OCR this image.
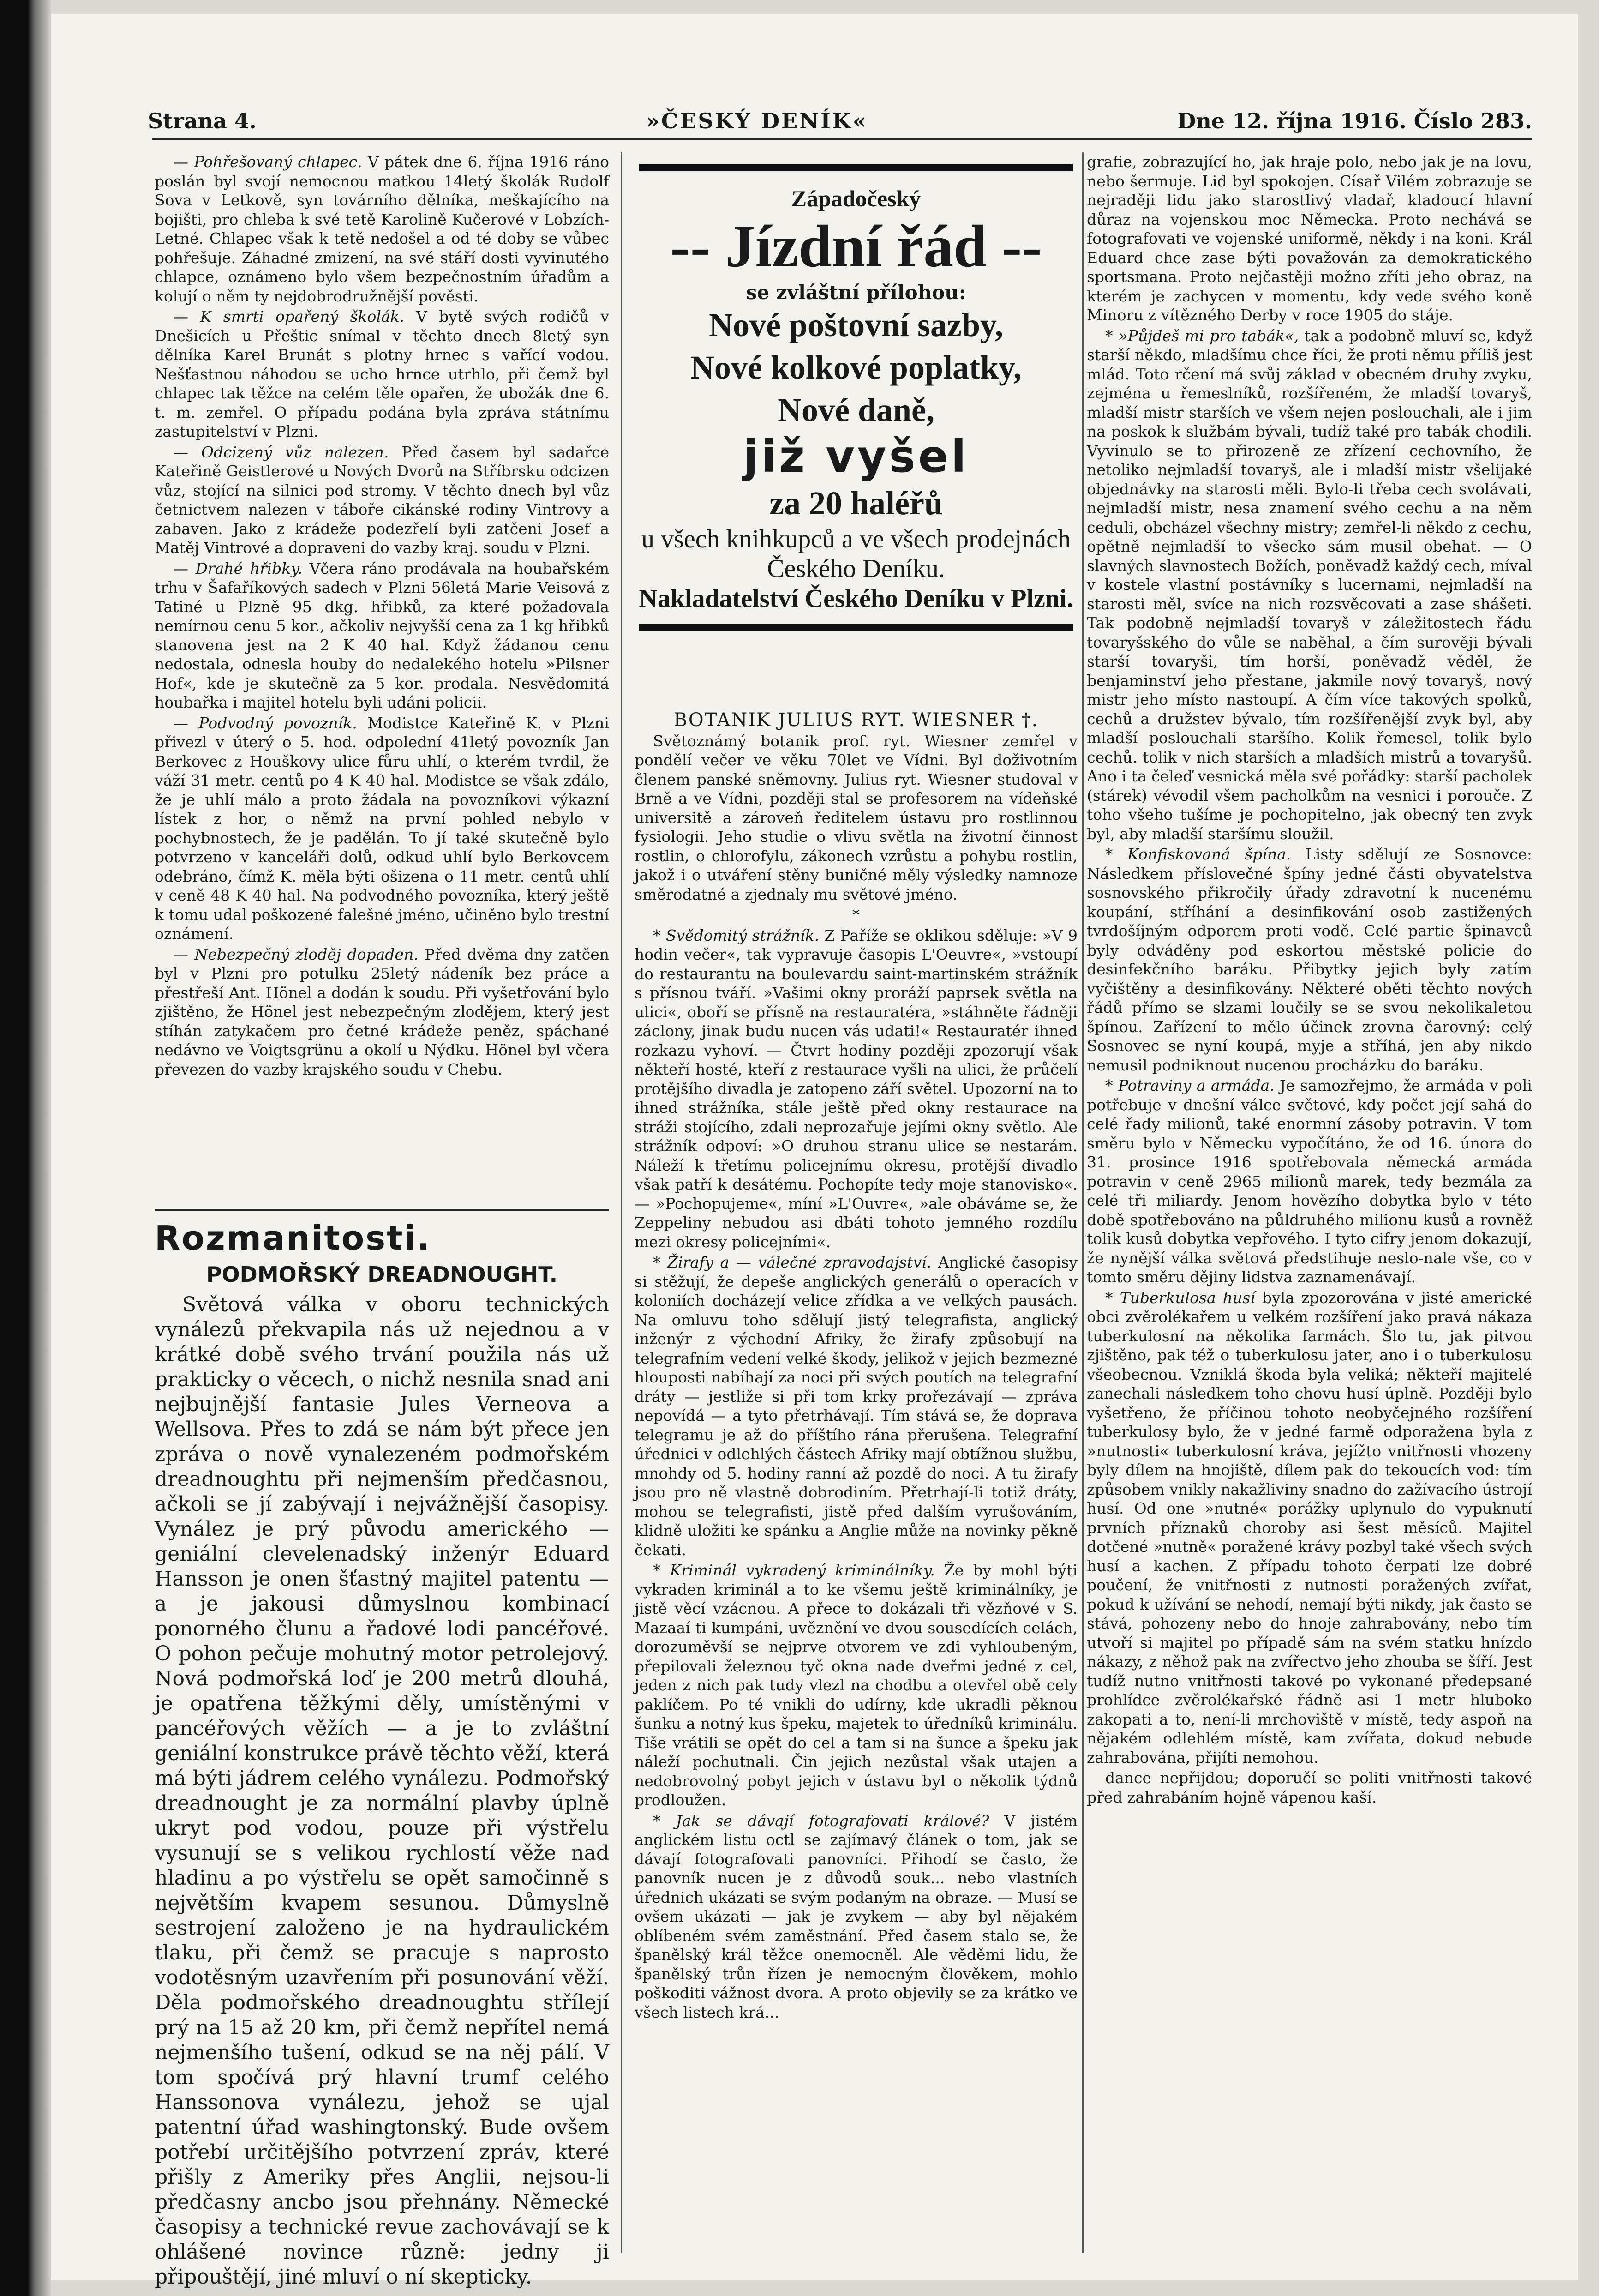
Strana 4.	»ČESKÝ DENÍK«	Dne 12. října 1916. Číslo 283.

— Pohřešovaný chlapec. V pátek dne 6. října 1916 ráno poslán byl svojí nemocnou matkou 14letý školák Rudolf Sova v Letkově, syn továrního dělníka, meškajícího na bojišti, pro chleba k své tetě Karolině Kučerové v Lobzích-Letné. Chlapec však k tetě nedošel a od té doby se vůbec pohřešuje. Záhadné zmizení, na své stáří dosti vyvinutého chlapce, oznámeno bylo všem bezpečnostním úřadům a kolují o něm ty nejdobrodružnější pověsti.

— K smrti opařený školák. V bytě svých rodičů v Dnešicích u Přeštic snímal v těchto dnech 8letý syn dělníka Karel Brunát s plotny hrnec s vařící vodou. Nešťastnou náhodou se ucho hrnce utrhlo, při čemž byl chlapec tak těžce na celém těle opařen, že ubožák dne 6. t. m. zemřel. O případu podána byla zpráva státnímu zastupitelství v Plzni.

— Odcizený vůz nalezen. Před časem byl sadařce Kateřině Geistlerové u Nových Dvorů na Stříbrsku odcizen vůz, stojící na silnici pod stromy. V těchto dnech byl vůz četnictvem nalezen v táboře cikánské rodiny Vintrovy a zabaven. Jako z krádeže podezřelí byli zatčeni Josef a Matěj Vintrové a dopraveni do vazby kraj. soudu v Plzni.

— Drahé hřibky. Včera ráno prodávala na houbařském trhu v Šafaříkových sadech v Plzni 56letá Marie Veisová z Tatiné u Plzně 95 dkg. hřibků, za které požadovala nemírnou cenu 5 kor., ačkoliv nejvyšší cena za 1 kg hřibků stanovena jest na 2 K 40 hal. Když žádanou cenu nedostala, odnesla houby do nedalekého hotelu »Pilsner Hof«, kde je skutečně za 5 kor. prodala. Nesvědomitá houbařka i majitel hotelu byli udáni policii.

— Podvodný povozník. Modistce Kateřině K. v Plzni přivezl v úterý o 5. hod. odpolední 41letý povozník Jan Berkovec z Houškovy ulice fůru uhlí, o kterém tvrdil, že váží 31 metr. centů po 4 K 40 hal. Modistce se však zdálo, že je uhlí málo a proto žádala na povozníkovi výkazní lístek z hor, o němž na první pohled nebylo v pochybnostech, že je padělán. To jí také skutečně bylo potvrzeno v kanceláři dolů, odkud uhlí bylo Berkovcem odebráno, čímž K. měla býti ošizena o 11 metr. centů uhlí v ceně 48 K 40 hal. Na podvodného povozníka, který ještě k tomu udal poškozené falešné jméno, učiněno bylo trestní oznámení.

— Nebezpečný zloděj dopaden. Před dvěma dny zatčen byl v Plzni pro potulku 25letý nádeník bez práce a přestřeší Ant. Hönel a dodán k soudu. Při vyšetřování bylo zjištěno, že Hönel jest nebezpečným zlodějem, který jest stíhán zatykačem pro četné krádeže peněz, spáchané nedávno ve Voigtsgrünu a okolí u Nýdku. Hönel byl včera převezen do vazby krajského soudu v Chebu.

Rozmanitosti.
PODMOŘSKÝ DREADNOUGHT.

Světová válka v oboru technických vynálezů překvapila nás už nejednou a v krátké době svého trvání použila nás už prakticky o věcech, o nichž nesnila snad ani nejbujnější fantasie Jules Verneova a Wellsova. Přes to zdá se nám být přece jen zpráva o nově vynalezeném podmořském dreadnoughtu při nejmenším předčasnou, ačkoli se jí zabývají i nejvážnější časopisy. Vynález je prý původu amerického — geniální clevelenadský inženýr Eduard Hansson je onen šťastný majitel patentu — a je jakousi důmyslnou kombinací ponorného člunu a řadové lodi pancéřové. O pohon pečuje mohutný motor petrolejový. Nová podmořská loď je 200 metrů dlouhá, je opatřena těžkými děly, umístěnými v pancéřových věžích — a je to zvláštní geniální konstrukce právě těchto věží, která má býti jádrem celého vynálezu. Podmořský dreadnought je za normální plavby úplně ukryt pod vodou, pouze při výstřelu vysunují se s velikou rychlostí věže nad hladinu a po výstřelu se opět samočinně s největším kvapem sesunou. Důmyslně sestrojení založeno je na hydraulickém tlaku, při čemž se pracuje s naprosto vodotěsným uzavřením při posunování věží. Děla podmořského dreadnoughtu střílejí prý na 15 až 20 km, při čemž nepřítel nemá nejmenšího tušení, odkud se na něj pálí. V tom spočívá prý hlavní trumf celého Hanssonova vynálezu, jehož se ujal patentní úřad washingtonský. Bude ovšem potřebí určitějšího potvrzení zpráv, které přišly z Ameriky přes Anglii, nejsou-li předčasny ancbo jsou přehnány. Německé časopisy a technické revue zachovávají se k ohlášené novince různě: jedny ji připouštějí, jiné mluví o ní skepticky.

Západočeský
-- Jízdní řád --
se zvláštní přílohou:
Nové poštovní sazby,
Nové kolkové poplatky,
Nové daně,
již vyšel
za 20 haléřů
u všech knihkupců a ve všech prodejnách Českého Deníku.
Nakladatelství Českého Deníku v Plzni.

BOTANIK JULIUS RYT. WIESNER †.

Světoznámý botanik prof. ryt. Wiesner zemřel v pondělí večer ve věku 70let ve Vídni. Byl doživotním členem panské sněmovny. Julius ryt. Wiesner studoval v Brně a ve Vídni, později stal se profesorem na vídeňské universitě a zároveň ředitelem ústavu pro rostlinnou fysiologii. Jeho studie o vlivu světla na životní činnost rostlin, o chlorofylu, zákonech vzrůstu a pohybu rostlin, jakož i o utváření stěny buničné měly výsledky namnoze směrodatné a zjednaly mu světové jméno.

*

* Svědomitý strážník. Z Paříže se oklikou sděluje: »V 9 hodin večer«, tak vypravuje časopis L'Oeuvre«, »vstoupí do restaurantu na boulevardu saint-martinském strážník s přísnou tváří. »Vašimi okny proráží paprsek světla na ulici«, oboří se přísně na restauratéra, »stáhněte řádněji záclony, jinak budu nucen vás udati!« Restauratér ihned rozkazu vyhoví. — Čtvrt hodiny později zpozorují však někteří hosté, kteří z restaurace vyšli na ulici, že průčelí protějšího divadla je zatopeno září světel. Upozorní na to ihned strážníka, stále ještě před okny restaurace na stráži stojícího, zdali neprozařuje jejími okny světlo. Ale strážník odpoví: »O druhou stranu ulice se nestarám. Náleží k třetímu policejnímu okresu, protější divadlo však patří k desátému. Pochopíte tedy moje stanovisko«. — »Pochopujeme«, míní »L'Ouvre«, »ale obáváme se, že Zeppeliny nebudou asi dbáti tohoto jemného rozdílu mezi okresy policejními«.

* Žirafy a — válečné zpravodajství. Anglické časopisy si stěžují, že depeše anglických generálů o operacích v koloniích docházejí velice zřídka a ve velkých pausách. Na omluvu toho sdělují jistý telegrafista, anglický inženýr z východní Afriky, že žirafy způsobují na telegrafním vedení velké škody, jelikož v jejich bezmezné hlouposti nabíhají za noci při svých poutích na telegrafní dráty — jestliže si při tom krky prořezávají — zpráva nepovídá — a tyto přetrhávají. Tím stává se, že doprava telegramu je až do příštího rána přerušena. Telegrafní úřednici v odlehlých částech Afriky mají obtížnou službu, mnohdy od 5. hodiny ranní až pozdě do noci. A tu žirafy jsou pro ně vlastně dobrodiním. Přetrhají-li totiž dráty, mohou se telegrafisti, jistě před dalším vyrušováním, klidně uložiti ke spánku a Anglie může na novinky pěkně čekati.

* Kriminál vykradený kriminálníky. Že by mohl býti vykraden kriminál a to ke všemu ještě kriminálníky, je jistě věcí vzácnou. A přece to dokázali tři vězňové v S. Mazaaí ti kumpáni, uvěznění ve dvou sousedících celách, dorozuměvší se nejprve otvorem ve zdi vyhloubeným, přepilovali železnou tyč okna nade dveřmi jedné z cel, jeden z nich pak tudy vlezl na chodbu a otevřel obě cely paklíčem. Po té vnikli do udírny, kde ukradli pěknou šunku a notný kus špeku, majetek to úředníků kriminálu. Tiše vrátili se opět do cel a tam si na šunce a špeku jak náleží pochutnali. Čin jejich nezůstal však utajen a nedobrovolný pobyt jejich v ústavu byl o několik týdnů prodloužen.

* Jak se dávají fotografovati králové? V jistém anglickém listu octl se zajímavý článek o tom, jak se dávají fotografovati panovníci. Přihodí se často, že panovník nucen je z důvodů souk... nebo vlastních úřednich ukázati se svým podaným na obraze. — Musí se ovšem ukázati — jak je zvykem — aby byl nějakém oblíbeném svém zaměstnání. Před časem stalo se, že španělský král těžce onemocněl. Ale věděmi lidu, že španělský trůn řízen je nemocným člověkem, mohlo poškoditi vážnost dvora. A proto objevily se za krátko ve všech listech krá...

grafie, zobrazující ho, jak hraje polo, nebo jak je na lovu, nebo šermuje. Lid byl spokojen. Císař Vilém zobrazuje se nejraději lidu jako starostlivý vladař, kladoucí hlavní důraz na vojenskou moc Německa. Proto nechává se fotografovati ve vojenské uniformě, někdy i na koni. Král Eduard chce zase býti považován za demokratického sportsmana. Proto nejčastěji možno zříti jeho obraz, na kterém je zachycen v momentu, kdy vede svého koně Minoru z vítězného Derby v roce 1905 do stáje.

* »Půjdeš mi pro tabák«, tak a podobně mluví se, když starší někdo, mladšímu chce říci, že proti němu příliš jest mlád. Toto rčení má svůj základ v obecném druhy zvyku, zejména u řemeslníků, rozšířeném, že mladší tovaryš, mladší mistr starších ve všem nejen poslouchali, ale i jim na poskok k službám bývali, tudíž také pro tabák chodili. Vyvinulo se to přirozeně ze zřízení cechovního, že netoliko nejmladší tovaryš, ale i mladší mistr všelijaké objednávky na starosti měli. Bylo-li třeba cech svolávati, nejmladší mistr, nesa znamení svého cechu a na něm ceduli, obcházel všechny mistry; zemřel-li někdo z cechu, opětně nejmladší to všecko sám musil obehat. — O slavných slavnostech Božích, poněvadž každý cech, míval v kostele vlastní postávníky s lucernami, nejmladší na starosti měl, svíce na nich rozsvěcovati a zase shášeti. Tak podobně nejmladší tovaryš v záležitostech řádu tovaryšského do vůle se naběhal, a čím surověji bývali starší tovaryši, tím horší, poněvadž věděl, že benjaminství jeho přestane, jakmile nový tovaryš, nový mistr jeho místo nastoupí. A čím více takových spolků, cechů a družstev bývalo, tím rozšířenější zvyk byl, aby mladší poslouchali staršího. Kolik řemesel, tolik bylo cechů. tolik v nich starších a mladších mistrů a tovaryšů. Ano i ta čeleď vesnická měla své pořádky: starší pacholek (stárek) vévodil všem pacholkům na vesnici i porouče. Z toho všeho tušíme je pochopitelno, jak obecný ten zvyk byl, aby mladší staršímu sloužil.

* Konfiskovaná špína. Listy sdělují ze Sosnovce: Následkem příslovečné špíny jedné části obyvatelstva sosnovského přikročily úřady zdravotní k nucenému koupání, stříhání a desinfikování osob zastižených tvrdošíjným odporem proti vodě. Celé partie špinavců byly odváděny pod eskortou městské policie do desinfekčního baráku. Přibytky jejich byly zatím vyčištěny a desinfikovány. Některé oběti těchto nových řádů přímo se slzami loučily se se svou nekolikaletou špínou. Zařízení to mělo účinek zrovna čarovný: celý Sosnovec se nyní koupá, myje a stříhá, jen aby nikdo nemusil podniknout nucenou procházku do baráku.

* Potraviny a armáda. Je samozřejmo, že armáda v poli potřebuje v dnešní válce světové, kdy počet její sahá do celé řady milionů, také enormní zásoby potravin. V tom směru bylo v Německu vypočítáno, že od 16. února do 31. prosince 1916 spotřebovala německá armáda potravin v ceně 2965 milionů marek, tedy bezmála za celé tři miliardy. Jenom hovězího dobytka bylo v této době spotřebováno na půldruhého milionu kusů a rovněž tolik kusů dobytka vepřového. I tyto cifry jenom dokazují, že nynější válka světová předstihuje neslo-nale vše, co v tomto směru dějiny lidstva zaznamenávají.

* Tuberkulosa husí byla zpozorována v jisté americké obci zvěrolékařem u velkém rozšíření jako pravá nákaza tuberkulosní na několika farmách. Šlo tu, jak pitvou zjištěno, pak též o tuberkulosu jater, ano i o tuberkulosu všeobecnou. Vzniklá škoda byla veliká; někteří majitelé zanechali následkem toho chovu husí úplně. Později bylo vyšetřeno, že příčinou tohoto neobyčejného rozšíření tuberkulosy bylo, že v jedné farmě odporažena byla z »nutnosti« tuberkulosní kráva, jejížto vnitřnosti vhozeny byly dílem na hnojiště, dílem pak do tekoucích vod: tím způsobem vnikly nakažliviny snadno do zažívacího ústrojí husí. Od one »nutné« porážky uplynulo do vypuknutí prvních příznaků choroby asi šest měsíců. Majitel dotčené »nutně« poražené krávy pozbyl také všech svých husí a kachen. Z případu tohoto čerpati lze dobré poučení, že vnitřnosti z nutnosti poražených zvířat, pokud k užívání se nehodí, nemají býti nikdy, jak často se stává, pohozeny nebo do hnoje zahrabovány, nebo tím utvoří si majitel po případě sám na svém statku hnízdo nákazy, z něhož pak na zvířectvo jeho zhouba se šíří. Jest tudíž nutno vnitřnosti takové po vykonané předepsané prohlídce zvěrolékařské řádně asi 1 metr hluboko zakopati a to, není-li mrchoviště v místě, tedy aspoň na nějakém odlehlém místě, kam zvířata, dokud nebude zahrabována, přijíti nemohou.

dance nepřijdou; doporučí se politi vnitřnosti takové před zahrabáním hojně vápenou kaší.
